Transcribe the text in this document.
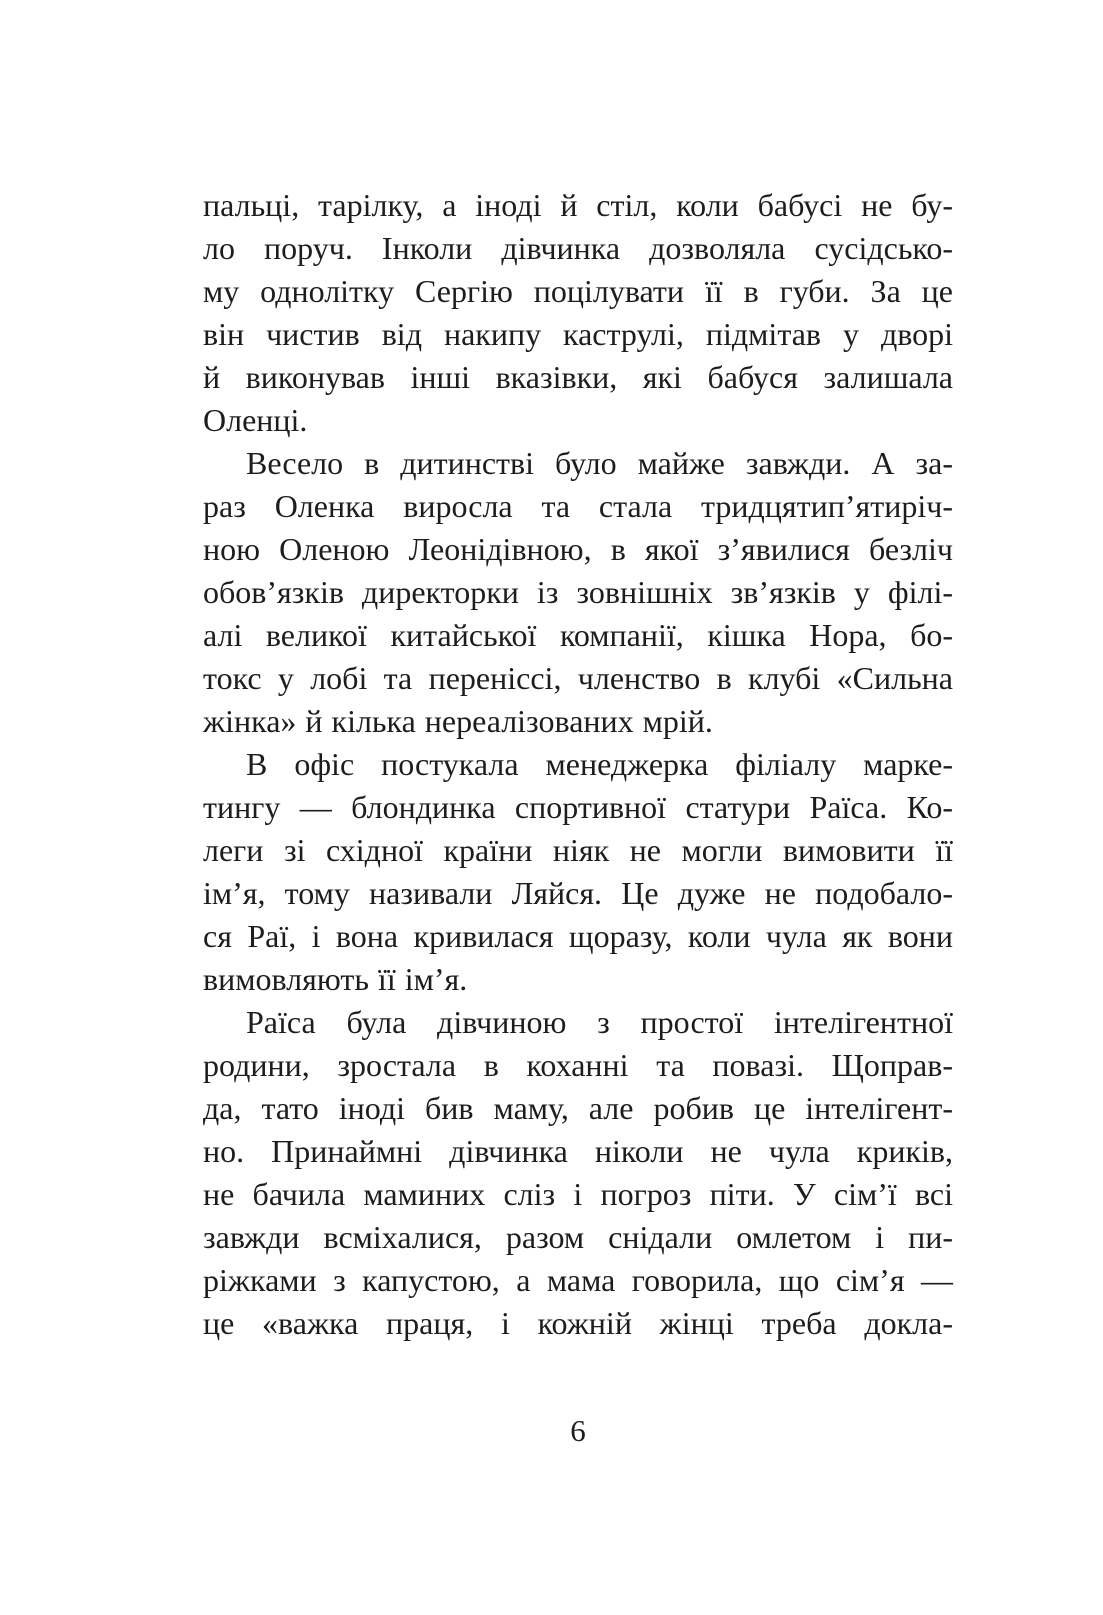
пальці, тарілку, а іноді й стіл, коли бабусі не бу-
ло поруч. Інколи дівчинка дозволяла сусідсько-
му однолітку Сергію поцілувати її в губи. За це
він чистив від накипу каструлі, підмітав у дворі
й виконував інші вказівки, які бабуся залишала
Оленці.
Весело в дитинстві було майже завжди. А за-
раз Оленка виросла та стала тридцятип’ятиріч-
ною Оленою Леонідівною, в якої з’явилися безліч
обов’язків директорки із зовнішніх зв’язків у філі-
алі великої китайської компанії, кішка Нора, бо-
токс у лобі та переніссі, членство в клубі «Сильна
жінка» й кілька нереалізованих мрій.
В офіс постукала менеджерка філіалу марке-
тингу — блондинка спортивної статури Раїса. Ко-
леги зі східної країни ніяк не могли вимовити її
ім’я, тому називали Ляйся. Це дуже не подобало-
ся Раї, і вона кривилася щоразу, коли чула як вони
вимовляють її ім’я.
Раїса була дівчиною з простої інтелігентної
родини, зростала в коханні та повазі. Щоправ-
да, тато іноді бив маму, але робив це інтелігент-
но. Принаймні дівчинка ніколи не чула криків,
не бачила маминих сліз і погроз піти. У сім’ї всі
завжди всміхалися, разом снідали омлетом і пи-
ріжками з капустою, а мама говорила, що сім’я —
це «важка праця, і кожній жінці треба докла-
6
